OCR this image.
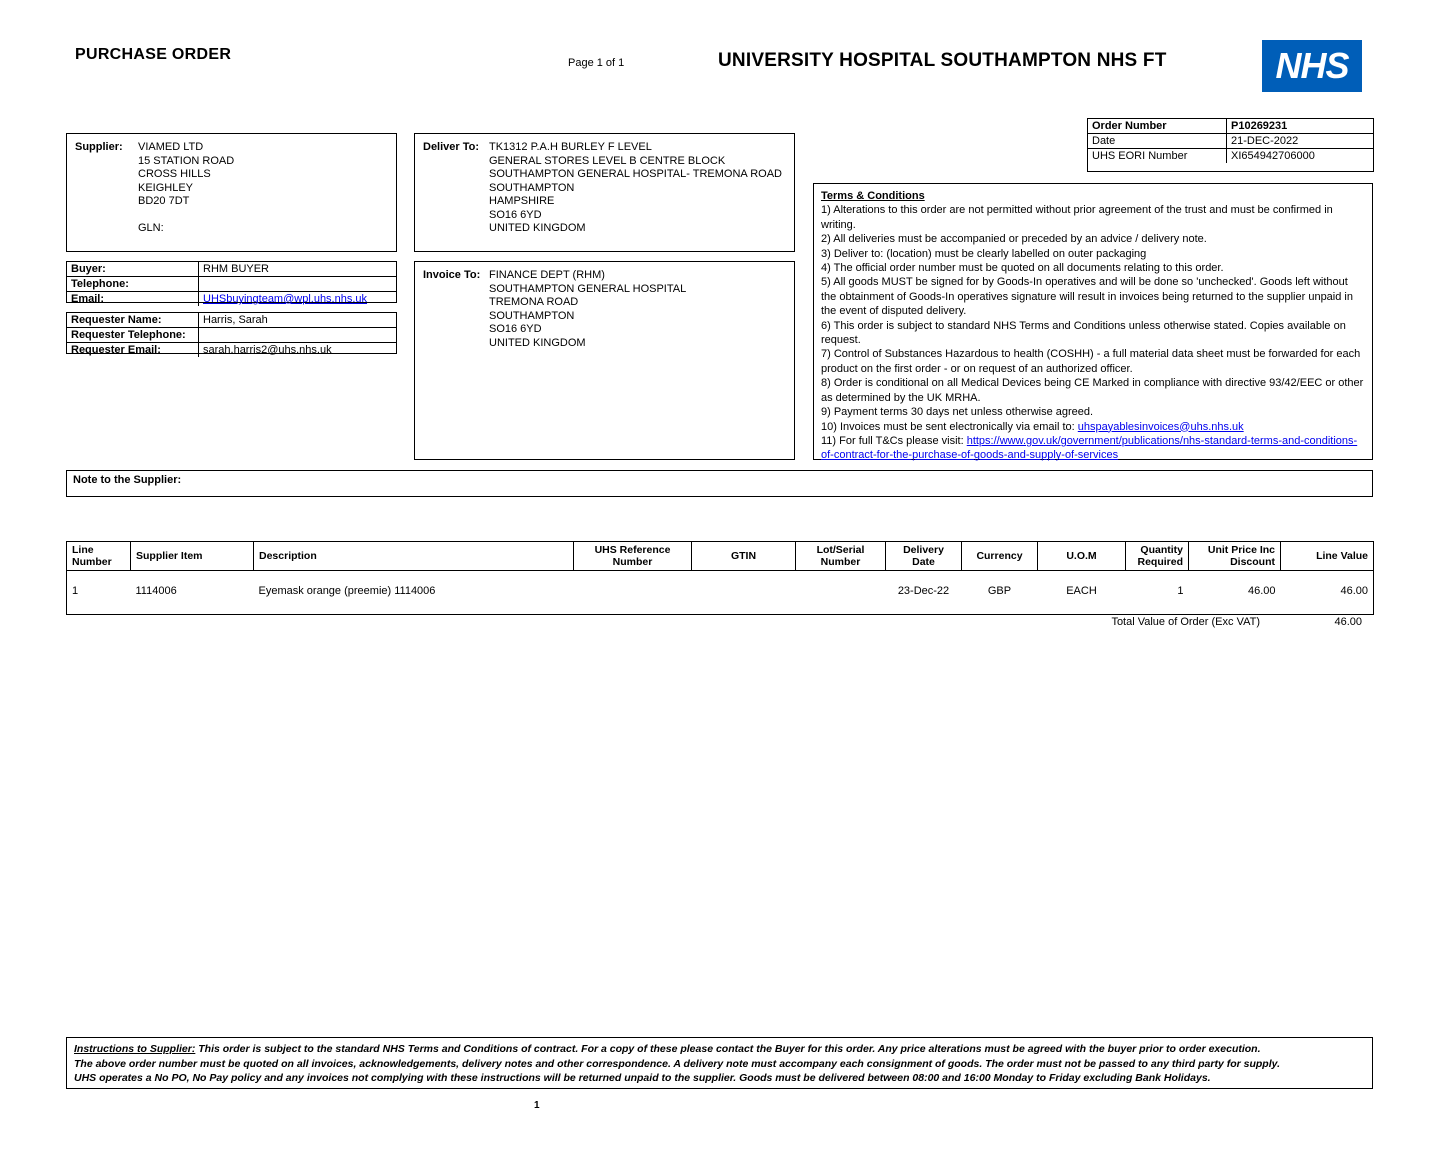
PURCHASE ORDER	Page 1 of 1	UNIVERSITY HOSPITAL SOUTHAMPTON NHS FT	NHS
Order Number	P10269231
Date	21-DEC-2022
UHS EORI Number	XI654942706000
Supplier: VIAMED LTD
15 STATION ROAD
CROSS HILLS
KEIGHLEY
BD20 7DT
GLN:
Deliver To: TK1312 P.A.H BURLEY F LEVEL
GENERAL STORES LEVEL B CENTRE BLOCK
SOUTHAMPTON GENERAL HOSPITAL- TREMONA ROAD
SOUTHAMPTON
HAMPSHIRE
SO16 6YD
UNITED KINGDOM
Buyer:	RHM BUYER
Telephone:
Email:	UHSbuyingteam@wpl.uhs.nhs.uk
Requester Name:	Harris, Sarah
Requester Telephone:
Requester Email:	sarah.harris2@uhs.nhs.uk
Invoice To: FINANCE DEPT (RHM)
SOUTHAMPTON GENERAL HOSPITAL
TREMONA ROAD
SOUTHAMPTON
SO16 6YD
UNITED KINGDOM
Terms & Conditions
1) Alterations to this order are not permitted without prior agreement of the trust and must be confirmed in writing.
2) All deliveries must be accompanied or preceded by an advice / delivery note.
3) Deliver to: (location) must be clearly labelled on outer packaging
4) The official order number must be quoted on all documents relating to this order.
5) All goods MUST be signed for by Goods-In operatives and will be done so 'unchecked'. Goods left without the obtainment of Goods-In operatives signature will result in invoices being returned to the supplier unpaid in the event of disputed delivery.
6) This order is subject to standard NHS Terms and Conditions unless otherwise stated. Copies available on request.
7) Control of Substances Hazardous to health (COSHH) - a full material data sheet must be forwarded for each product on the first order - or on request of an authorized officer.
8) Order is conditional on all Medical Devices being CE Marked in compliance with directive 93/42/EEC or other as determined by the UK MRHA.
9) Payment terms 30 days net unless otherwise agreed.
10) Invoices must be sent electronically via email to: uhspayablesinvoices@uhs.nhs.uk
11) For full T&Cs please visit: https://www.gov.uk/government/publications/nhs-standard-terms-and-conditions-of-contract-for-the-purchase-of-goods-and-supply-of-services
Note to the Supplier:
Line Number	Supplier Item	Description	UHS Reference Number	GTIN	Lot/Serial Number	Delivery Date	Currency	U.O.M	Quantity Required	Unit Price Inc Discount	Line Value
1	1114006	Eyemask orange (preemie) 1114006				23-Dec-22	GBP	EACH	1	46.00	46.00
Total Value of Order (Exc VAT)	46.00
Instructions to Supplier: This order is subject to the standard NHS Terms and Conditions of contract. For a copy of these please contact the Buyer for this order. Any price alterations must be agreed with the buyer prior to order execution.
The above order number must be quoted on all invoices, acknowledgements, delivery notes and other correspondence. A delivery note must accompany each consignment of goods. The order must not be passed to any third party for supply.
UHS operates a No PO, No Pay policy and any invoices not complying with these instructions will be returned unpaid to the supplier. Goods must be delivered between 08:00 and 16:00 Monday to Friday excluding Bank Holidays.
1
